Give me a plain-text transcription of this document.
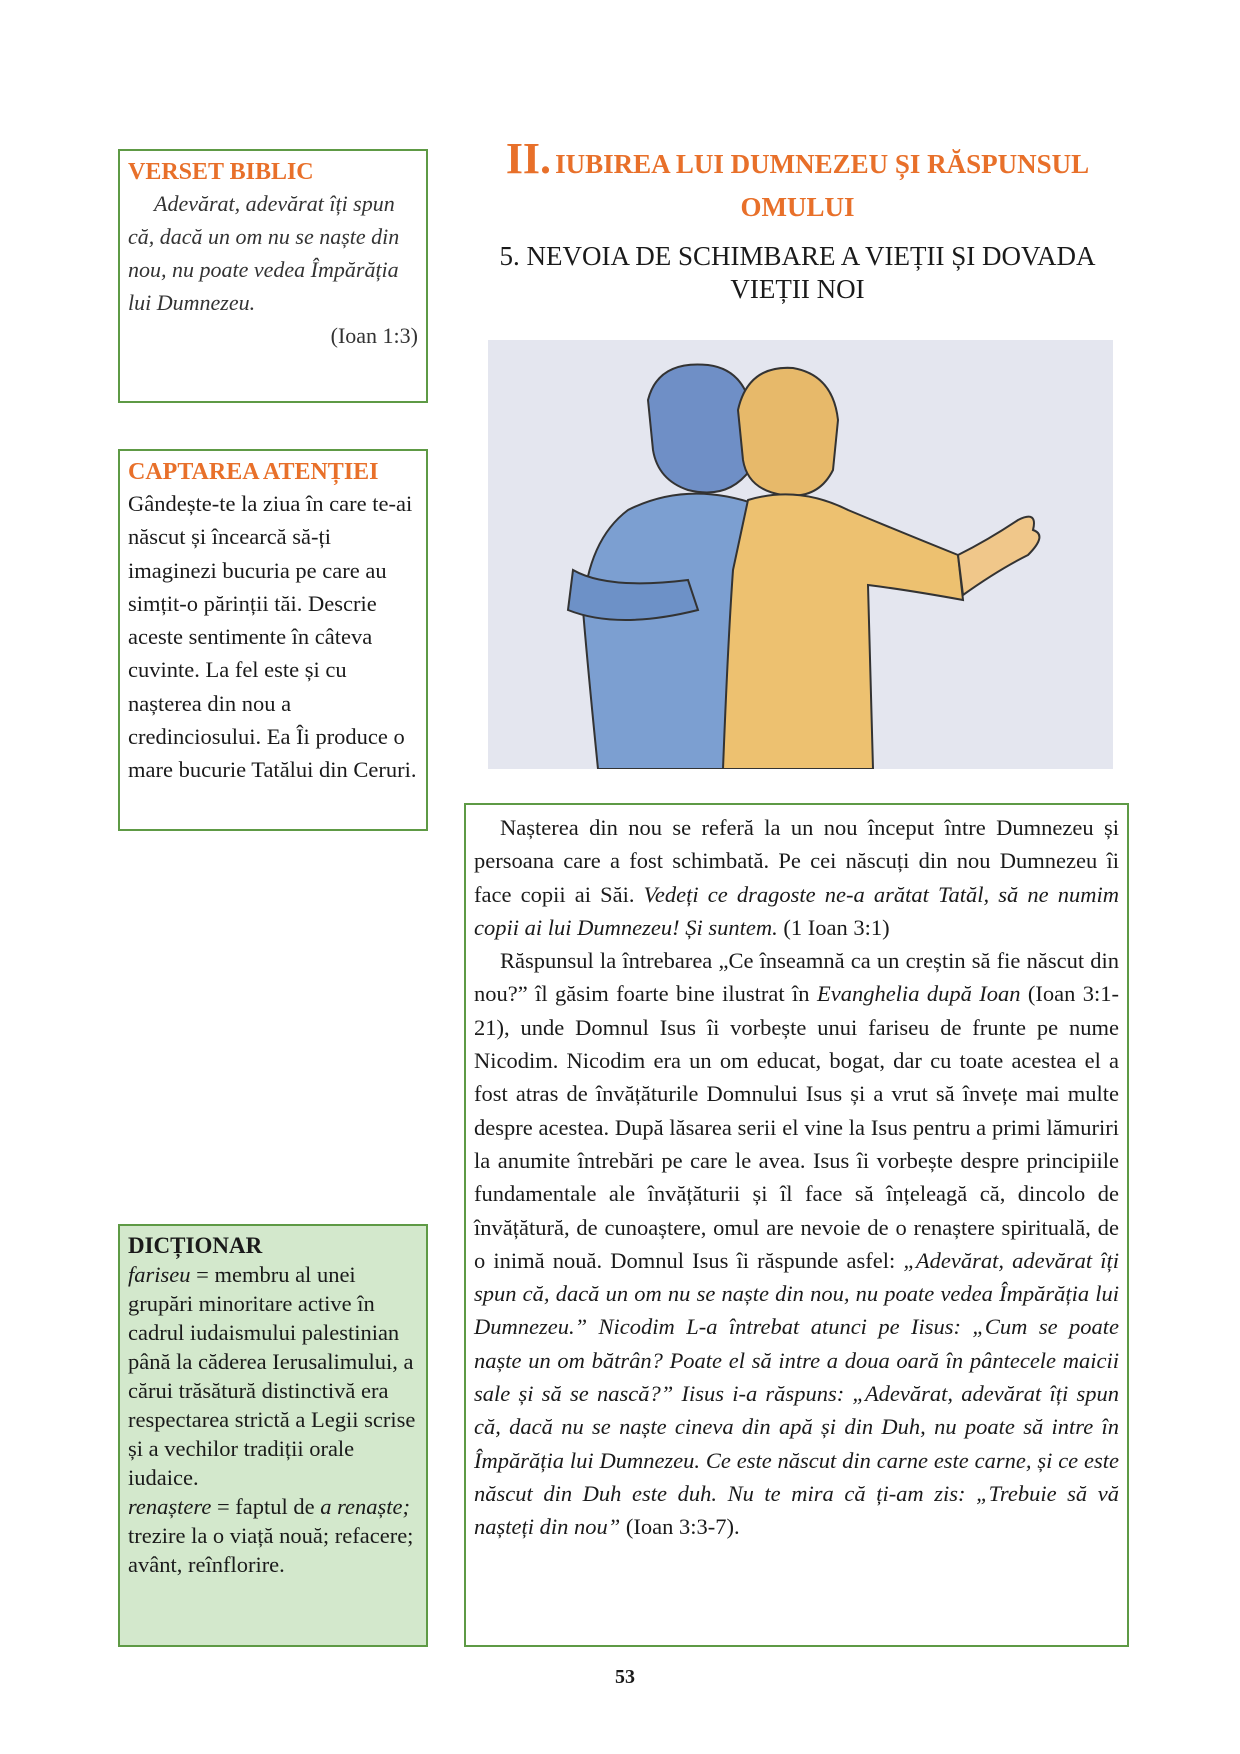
VERSET BIBLIC
Adevărat, adevărat îți spun că, dacă un om nu se naște din nou, nu poate vedea Împărăția lui Dumnezeu.
(Ioan 1:3)
CAPTAREA ATENȚIEI
Gândește-te la ziua în care te-ai născut și încearcă să-ți imaginezi bucuria pe care au simțit-o părinții tăi. Descrie aceste sentimente în câteva cuvinte. La fel este și cu nașterea din nou a credinciosului. Ea Îi produce o mare bucurie Tatălui din Ceruri.
DICȚIONAR
fariseu = membru al unei grupări minoritare active în cadrul iudaismului palestinian până la căderea Ierusalimului, a cărui trăsătură distinctivă era respectarea strictă a Legii scrise și a vechilor tradiții orale iudaice.
renaștere = faptul de a renaște; trezire la o viață nouă; refacere; avânt, reînflorire.
II. IUBIREA LUI DUMNEZEU ȘI RĂSPUNSUL OMULUI
5. NEVOIA DE SCHIMBARE A VIEȚII ȘI DOVADA VIEȚII NOI

Nașterea din nou se referă la un nou început între Dumnezeu și persoana care a fost schimbată. Pe cei născuți din nou Dumnezeu îi face copii ai Săi. Vedeți ce dragoste ne-a arătat Tatăl, să ne numim copii ai lui Dumnezeu! Și suntem. (1 Ioan 3:1)

Răspunsul la întrebarea „Ce înseamnă ca un creștin să fie născut din nou?” îl găsim foarte bine ilustrat în Evanghelia după Ioan (Ioan 3:1-21), unde Domnul Isus îi vorbește unui fariseu de frunte pe nume Nicodim. Nicodim era un om educat, bogat, dar cu toate acestea el a fost atras de învățăturile Domnului Isus și a vrut să învețe mai multe despre acestea. După lăsarea serii el vine la Isus pentru a primi lămuriri la anumite întrebări pe care le avea. Isus îi vorbește despre principiile fundamentale ale învățăturii și îl face să înțeleagă că, dincolo de învățătură, de cunoaștere, omul are nevoie de o renaștere spirituală, de o inimă nouă. Domnul Isus îi răspunde asfel: „Adevărat, adevărat îți spun că, dacă un om nu se naște din nou, nu poate vedea Împărăția lui Dumnezeu.” Nicodim L-a întrebat atunci pe Iisus: „Cum se poate naște un om bătrân? Poate el să intre a doua oară în pântecele maicii sale și să se nască?” Iisus i-a răspuns: „Adevărat, adevărat îți spun că, dacă nu se naște cineva din apă și din Duh, nu poate să intre în Împărăția lui Dumnezeu. Ce este născut din carne este carne, și ce este născut din Duh este duh. Nu te mira că ți-am zis: „Trebuie să vă nașteți din nou” (Ioan 3:3-7).

53
